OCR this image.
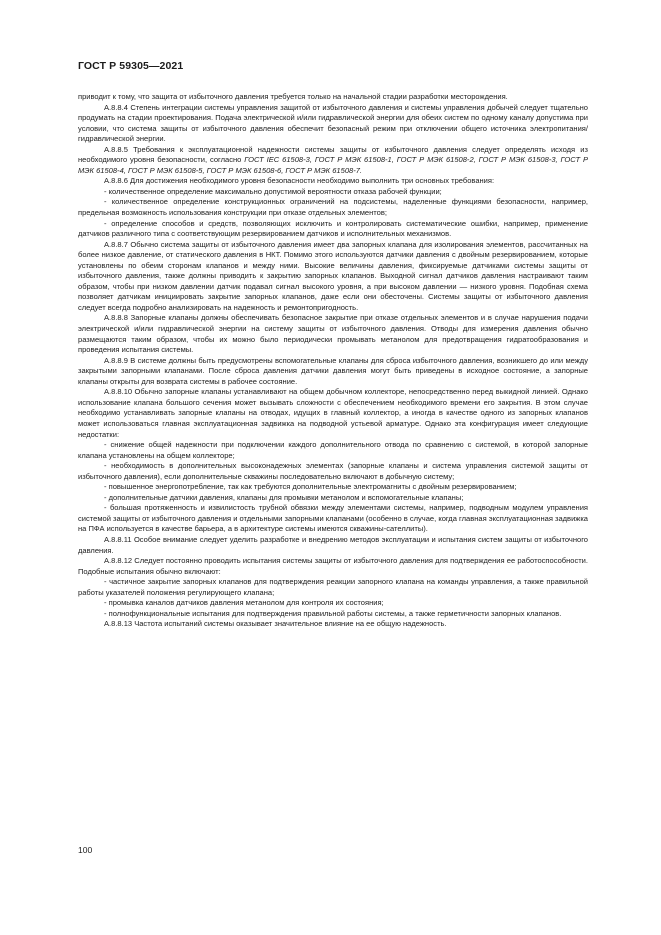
ГОСТ Р 59305—2021

приводит к тому, что защита от избыточного давления требуется только на начальной стадии разработки месторождения.

А.8.8.4 Степень интеграции системы управления защитой от избыточного давления и системы управления добычей следует тщательно продумать на стадии проектирования. Подача электрической и/или гидравлической энергии для обеих систем по одному каналу допустима при условии, что система защиты от избыточного давления обеспечит безопасный режим при отключении общего источника электропитания/гидравлической энергии.

А.8.8.5 Требования к эксплуатационной надежности системы защиты от избыточного давления следует определять исходя из необходимого уровня безопасности, согласно ГОСТ IEC 61508-3, ГОСТ Р МЭК 61508-1, ГОСТ Р МЭК 61508-2, ГОСТ Р МЭК 61508-3, ГОСТ Р МЭК 61508-4, ГОСТ Р МЭК 61508-5, ГОСТ Р МЭК 61508-6, ГОСТ Р МЭК 61508-7.

А.8.8.6 Для достижения необходимого уровня безопасности необходимо выполнить три основных требования:

- количественное определение максимально допустимой вероятности отказа рабочей функции;

- количественное определение конструкционных ограничений на подсистемы, наделенные функциями безопасности, например, предельная возможность использования конструкции при отказе отдельных элементов;

- определение способов и средств, позволяющих исключить и контролировать систематические ошибки, например, применение датчиков различного типа с соответствующим резервированием датчиков и исполнительных механизмов.

А.8.8.7 Обычно система защиты от избыточного давления имеет два запорных клапана для изолирования элементов, рассчитанных на более низкое давление, от статического давления в НКТ. Помимо этого используются датчики давления с двойным резервированием, которые установлены по обеим сторонам клапанов и между ними. Высокие величины давления, фиксируемые датчиками системы защиты от избыточного давления, также должны приводить к закрытию запорных клапанов. Выходной сигнал датчиков давления настраивают таким образом, чтобы при низком давлении датчик подавал сигнал высокого уровня, а при высоком давлении — низкого уровня. Подобная схема позволяет датчикам инициировать закрытие запорных клапанов, даже если они обесточены. Системы защиты от избыточного давления следует всегда подробно анализировать на надежность и ремонтопригодность.

А.8.8.8 Запорные клапаны должны обеспечивать безопасное закрытие при отказе отдельных элементов и в случае нарушения подачи электрической и/или гидравлической энергии на систему защиты от избыточного давления. Отводы для измерения давления обычно размещаются таким образом, чтобы их можно было периодически промывать метанолом для предотвращения гидратообразования и проведения испытания системы.

А.8.8.9 В системе должны быть предусмотрены вспомогательные клапаны для сброса избыточного давления, возникшего до или между закрытыми запорными клапанами. После сброса давления датчики давления могут быть приведены в исходное состояние, а запорные клапаны открыты для возврата системы в рабочее состояние.

А.8.8.10 Обычно запорные клапаны устанавливают на общем добычном коллекторе, непосредственно перед выкидной линией. Однако использование клапана большого сечения может вызывать сложности с обеспечением необходимого времени его закрытия. В этом случае необходимо устанавливать запорные клапаны на отводах, идущих в главный коллектор, а иногда в качестве одного из запорных клапанов может использоваться главная эксплуатационная задвижка на подводной устьевой арматуре. Однако эта конфигурация имеет следующие недостатки:

- снижение общей надежности при подключении каждого дополнительного отвода по сравнению с системой, в которой запорные клапана установлены на общем коллекторе;

- необходимость в дополнительных высоконадежных элементах (запорные клапаны и система управления системой защиты от избыточного давления), если дополнительные скважины последовательно включают в добычную систему;

- повышенное энергопотребление, так как требуются дополнительные электромагниты с двойным резервированием;

- дополнительные датчики давления, клапаны для промывки метанолом и вспомогательные клапаны;

- большая протяженность и извилистость трубной обвязки между элементами системы, например, подводным модулем управления системой защиты от избыточного давления и отдельными запорными клапанами (особенно в случае, когда главная эксплуатационная задвижка на ПФА используется в качестве барьера, а в архитектуре системы имеются скважины-сателлиты).

А.8.8.11 Особое внимание следует уделить разработке и внедрению методов эксплуатации и испытания систем защиты от избыточного давления.

А.8.8.12 Следует постоянно проводить испытания системы защиты от избыточного давления для подтверждения ее работоспособности. Подобные испытания обычно включают:

- частичное закрытие запорных клапанов для подтверждения реакции запорного клапана на команды управления, а также правильной работы указателей положения регулирующего клапана;

- промывка каналов датчиков давления метанолом для контроля их состояния;

- полнофункциональные испытания для подтверждения правильной работы системы, а также герметичности запорных клапанов.

А.8.8.13 Частота испытаний системы оказывает значительное влияние на ее общую надежность.

100
